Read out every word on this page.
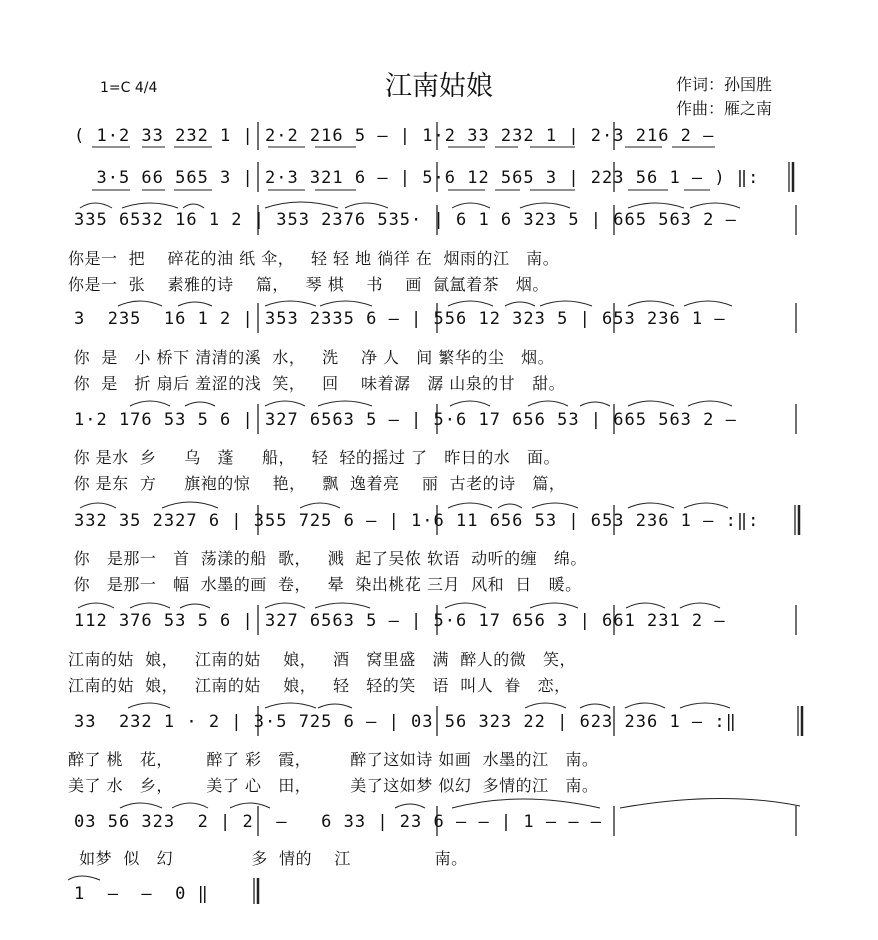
江南姑娘
1=C 4/4	作词：孙国胜
作曲：雁之南
( 1·2 33 232 1 | 2·2 216 5 — | 1·2 33 232 1 | 2·3 216 2 —
3·5 66 565 3 | 2·3 321 6 — | 5·6 12 565 3 | 223 56 1 — ) ‖:
335 6532 16 1 2 | 353 2376 535· | 6 1 6 323 5 | 665 563 2 —
你是一  把    碎花的油 纸 伞，   轻 轻 地 徜徉 在  烟雨的江   南。
你是一  张    素雅的诗    篇，   琴 棋    书    画  氤氲着茶   烟。
3  235  16 1 2 | 353 2335 6 — | 556 12 323 5 | 653 236 1 —
你  是   小 桥下 清清的溪  水，   洗    净 人   间 繁华的尘   烟。
你  是   折 扇后 羞涩的浅  笑，   回    味着潺   潺 山泉的甘   甜。
1·2 176 53 5 6 | 327 6563 5 — | 5·6 17 656 53 | 665 563 2 —
你 是水  乡     乌   蓬     船，   轻  轻的摇过 了   昨日的水   面。
你 是东  方     旗袍的惊    艳，   飘  逸着亮    丽  古老的诗   篇，
332 35 2327 6 | 355 725 6 — | 1·6 11 656 53 | 653 236 1 — :‖:
你   是那一   首  荡漾的船  歌，   溅  起了吴侬 软语  动听的缠   绵。
你   是那一   幅  水墨的画  卷，   晕  染出桃花 三月  风和  日   暖。
112 376 53 5 6 | 327 6563 5 — | 5·6 17 656 3 | 661 231 2 —
江南的姑  娘，   江南的姑    娘，   酒   窝里盛   满  醉人的微   笑，
江南的姑  娘，   江南的姑    娘，   轻   轻的笑   语  叫人  眷   恋，
33  232 1 · 2 | 3·5 725 6 — | 03 56 323 22 | 623 236 1 — :‖
醉了 桃   花，      醉了 彩   霞，       醉了这如诗 如画  水墨的江   南。
美了 水   乡，      美了 心   田，       美了这如梦 似幻  多情的江   南。
03 56 323  2 | 2  —   6 33 | 23 6 — — | 1 — — —
如梦  似   幻              多  情的    江               南。
1  —  —  0 ‖
